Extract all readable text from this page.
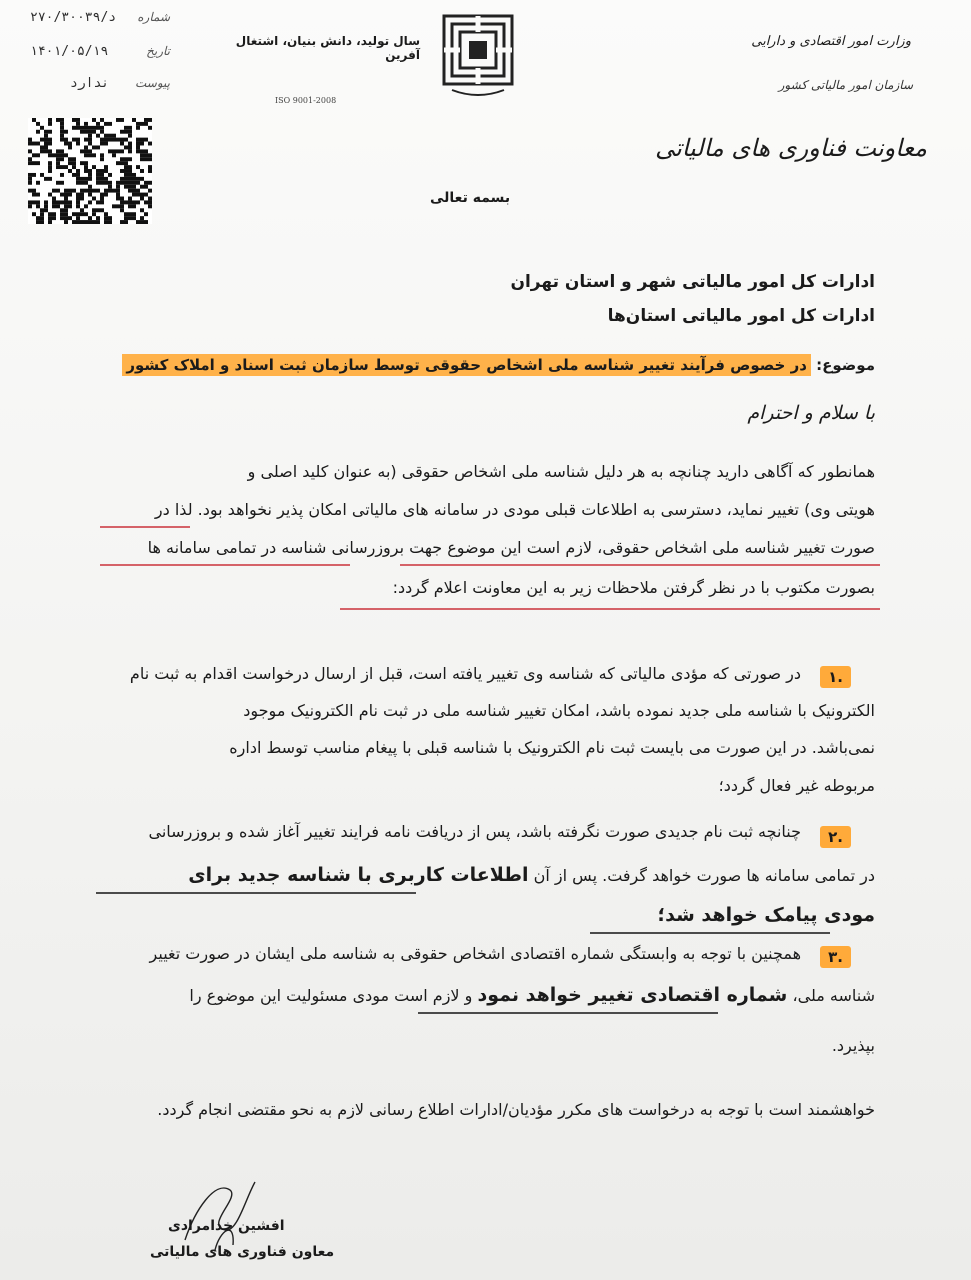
۲۷۰/۳۰۰۳۹/د شماره
۱۴۰۱/۰۵/۱۹	تاریخ
ندارد پیوست
سال تولید، دانش بنیان، اشتغال آفرین
ISO 9001-2008
وزارت امور اقتصادی و دارایی
سازمان امور مالیاتی کشور
معاونت فناوری های مالیاتی
بسمه تعالی
ادارات کل امور مالیاتی شهر و استان تهران
ادارات کل امور مالیاتی استان‌ها
موضوع: در خصوص فرآیند تغییر شناسه ملی اشخاص حقوقی توسط سازمان ثبت اسناد و املاک کشور
با سلام و احترام
همانطور که آگاهی دارید چنانچه به هر دلیل شناسه ملی اشخاص حقوقی (به عنوان کلید اصلی و
هویتی وی) تغییر نماید، دسترسی به اطلاعات قبلی مودی در سامانه های مالیاتی امکان پذیر نخواهد بود. لذا در
صورت تغییر شناسه ملی اشخاص حقوقی، لازم است این موضوع جهت بروزرسانی شناسه در تمامی سامانه ها
بصورت مکتوب با در نظر گرفتن ملاحظات زیر به این معاونت اعلام گردد:
۱.
در صورتی که مؤدی مالیاتی که شناسه وی تغییر یافته است، قبل از ارسال درخواست اقدام به ثبت نام
الکترونیک با شناسه ملی جدید نموده باشد، امکان تغییر شناسه ملی در ثبت نام الکترونیک موجود
نمی‌باشد. در این صورت می بایست ثبت نام الکترونیک با شناسه قبلی با پیغام مناسب توسط اداره
مربوطه غیر فعال گردد؛
۲.
چنانچه ثبت نام جدیدی صورت نگرفته باشد، پس از دریافت نامه فرایند تغییر آغاز شده و بروزرسانی
در تمامی سامانه ها صورت خواهد گرفت. پس از آن اطلاعات کاربری با شناسه جدید برای
مودی پیامک خواهد شد؛
۳.
همچنین با توجه به وابستگی شماره اقتصادی اشخاص حقوقی به شناسه ملی ایشان در صورت تغییر
شناسه ملی، شماره اقتصادی تغییر خواهد نمود و لازم است مودی مسئولیت این موضوع را
بپذیرد.
خواهشمند است با توجه به درخواست های مکرر مؤدیان/ادارات اطلاع رسانی لازم به نحو مقتضی انجام گردد.
افشین خدامرادی
معاون فناوری های مالیاتی
